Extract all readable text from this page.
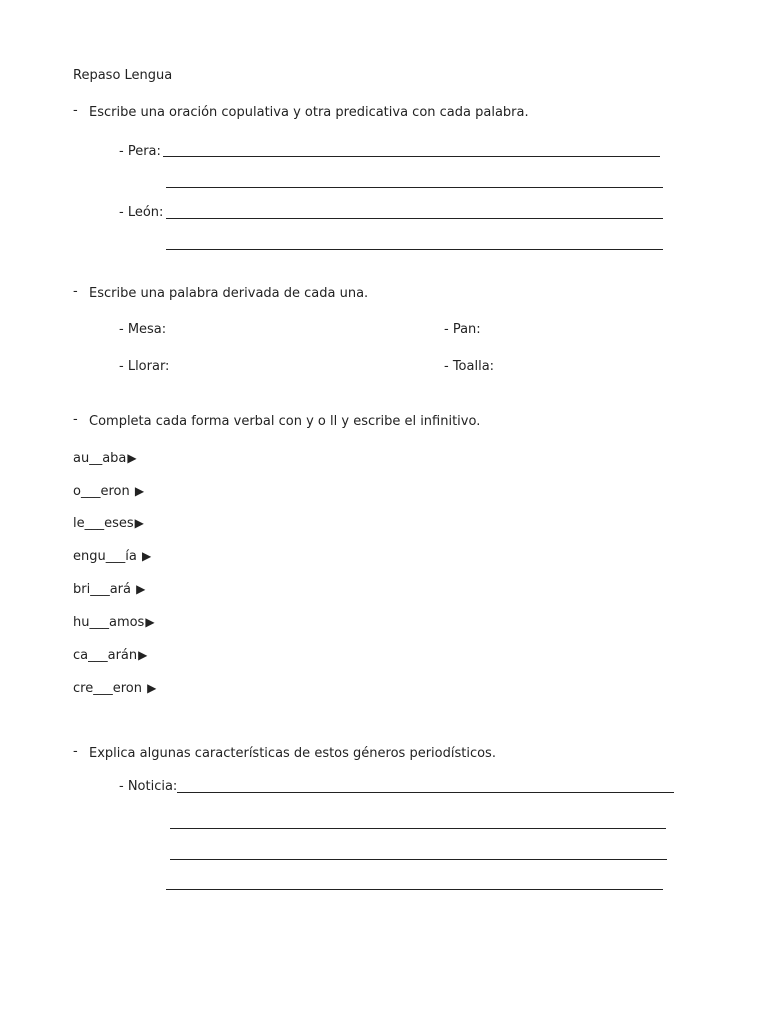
Repaso Lengua
- Escribe una oración copulativa y otra predicativa con cada palabra.
- Pera:
- León:
- Escribe una palabra derivada de cada una.
- Mesa:	- Pan:
- Llorar:	- Toalla:
- Completa cada forma verbal con y o ll y escribe el infinitivo.
au__aba▶
o___eron ▶
le___eses▶
engu___ía ▶
bri___ará ▶
hu___amos▶
ca___arán▶
cre___eron ▶
- Explica algunas características de estos géneros periodísticos.
- Noticia:
